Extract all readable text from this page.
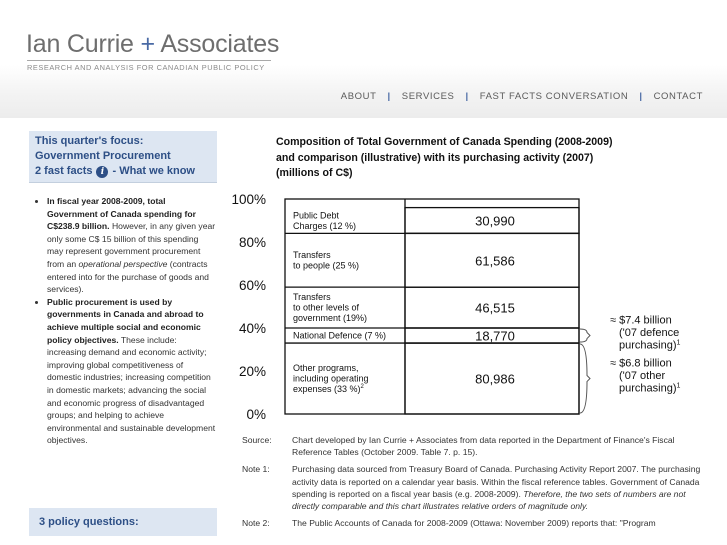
Ian Currie + Associates
RESEARCH AND ANALYSIS FOR CANADIAN PUBLIC POLICY
ABOUT | SERVICES | FAST FACTS CONVERSATION | CONTACT
This quarter's focus: Government Procurement
2 fast facts i - What we know
• In fiscal year 2008-2009, total Government of Canada spending for C$238.9 billion. However, in any given year only some C$ 15 billion of this spending may represent government procurement from an operational perspective (contracts entered into for the purchase of goods and services).
• Public procurement is used by governments in Canada and abroad to achieve multiple social and economic policy objectives. These include: increasing demand and economic activity; improving global competitiveness of domestic industries; increasing competition in domestic markets; advancing the social and economic progress of disadvantaged groups; and helping to achieve environmental and sustainable development objectives.
3 policy questions:
Composition of Total Government of Canada Spending (2008-2009)
and comparison (illustrative) with its purchasing activity (2007)
(millions of C$)
0%
20%
40%
60%
80%
100%
80,986
18,770
46,515
61,586
30,990
Other programs, including operating expenses (33 %)$^2$
National Defence (7 %)
Transfers to other levels of government (19%)
Transfers to people (25 %)
Public Debt Charges (12 %)
≈ $7.4 billion ('07 defence purchasing)$^1$
≈ $6.8 billion ('07 other purchasing)$^1$
Source:	Chart developed by Ian Currie + Associates from data reported in the Department of Finance's Fiscal Reference Tables (October 2009. Table 7. p. 15).
Note 1:	Purchasing data sourced from Treasury Board of Canada. Purchasing Activity Report 2007. The purchasing activity data is reported on a calendar year basis. Within the fiscal reference tables. Government of Canada spending is reported on a fiscal year basis (e.g. 2008-2009). Therefore, the two sets of numbers are not directly comparable and this chart illustrates relative orders of magnitude only.
Note 2:	The Public Accounts of Canada for 2008-2009 (Ottawa: November 2009) reports that: "Program
